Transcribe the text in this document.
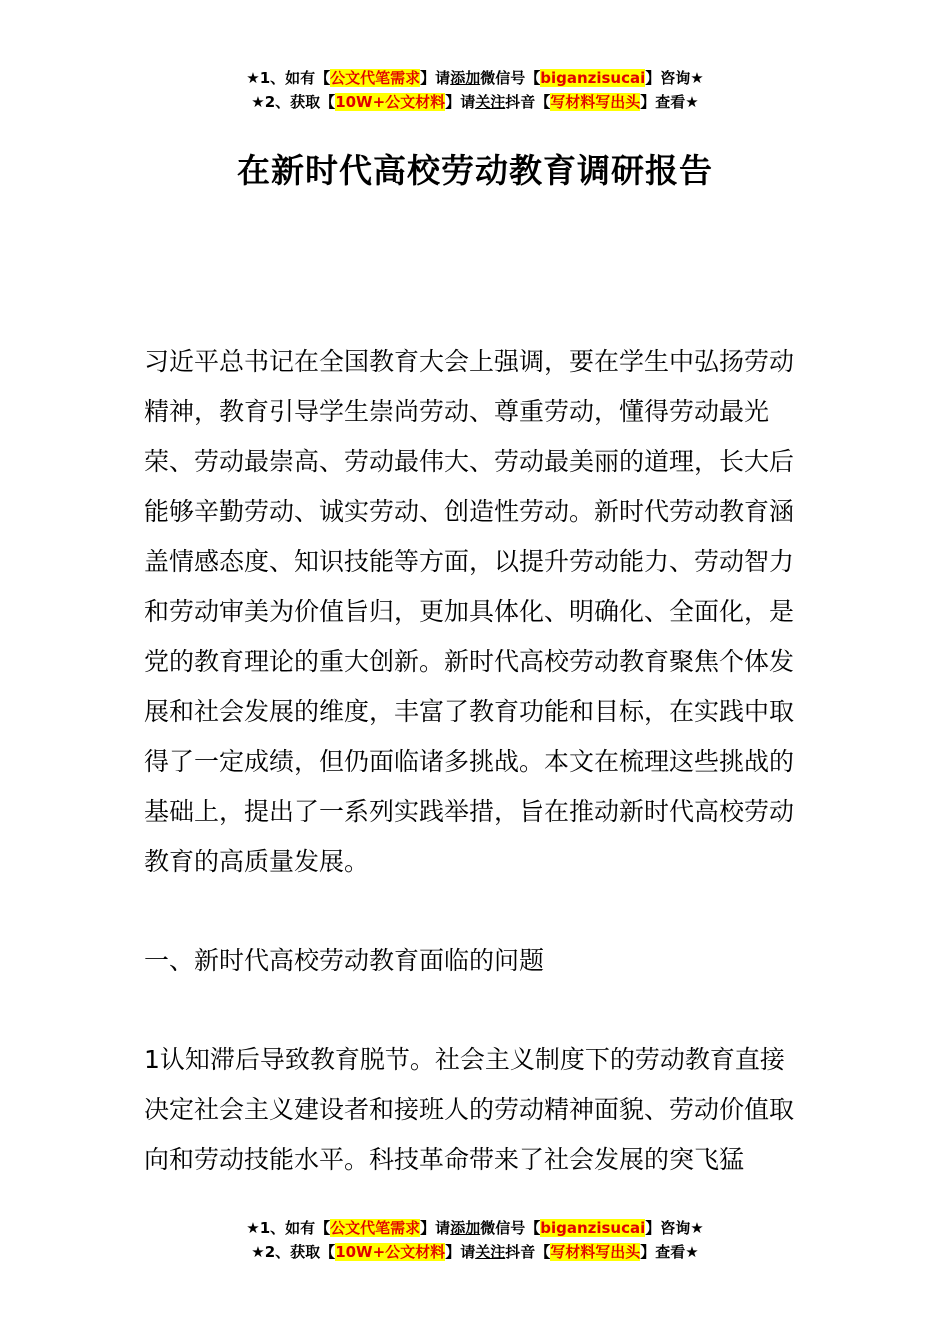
★1、如有【公文代笔需求】请添加微信号【biganzisucai】咨询★
★2、获取【10W+公文材料】请关注抖音【写材料写出头】查看★
在新时代高校劳动教育调研报告
习近平总书记在全国教育大会上强调，要在学生中弘扬劳动精神，教育引导学生崇尚劳动、尊重劳动，懂得劳动最光荣、劳动最崇高、劳动最伟大、劳动最美丽的道理，长大后能够辛勤劳动、诚实劳动、创造性劳动。新时代劳动教育涵盖情感态度、知识技能等方面，以提升劳动能力、劳动智力和劳动审美为价值旨归，更加具体化、明确化、全面化，是党的教育理论的重大创新。新时代高校劳动教育聚焦个体发展和社会发展的维度，丰富了教育功能和目标，在实践中取得了一定成绩，但仍面临诸多挑战。本文在梳理这些挑战的基础上，提出了一系列实践举措，旨在推动新时代高校劳动教育的高质量发展。
一、新时代高校劳动教育面临的问题
1认知滞后导致教育脱节。社会主义制度下的劳动教育直接决定社会主义建设者和接班人的劳动精神面貌、劳动价值取向和劳动技能水平。科技革命带来了社会发展的突飞猛
★1、如有【公文代笔需求】请添加微信号【biganzisucai】咨询★
★2、获取【10W+公文材料】请关注抖音【写材料写出头】查看★
